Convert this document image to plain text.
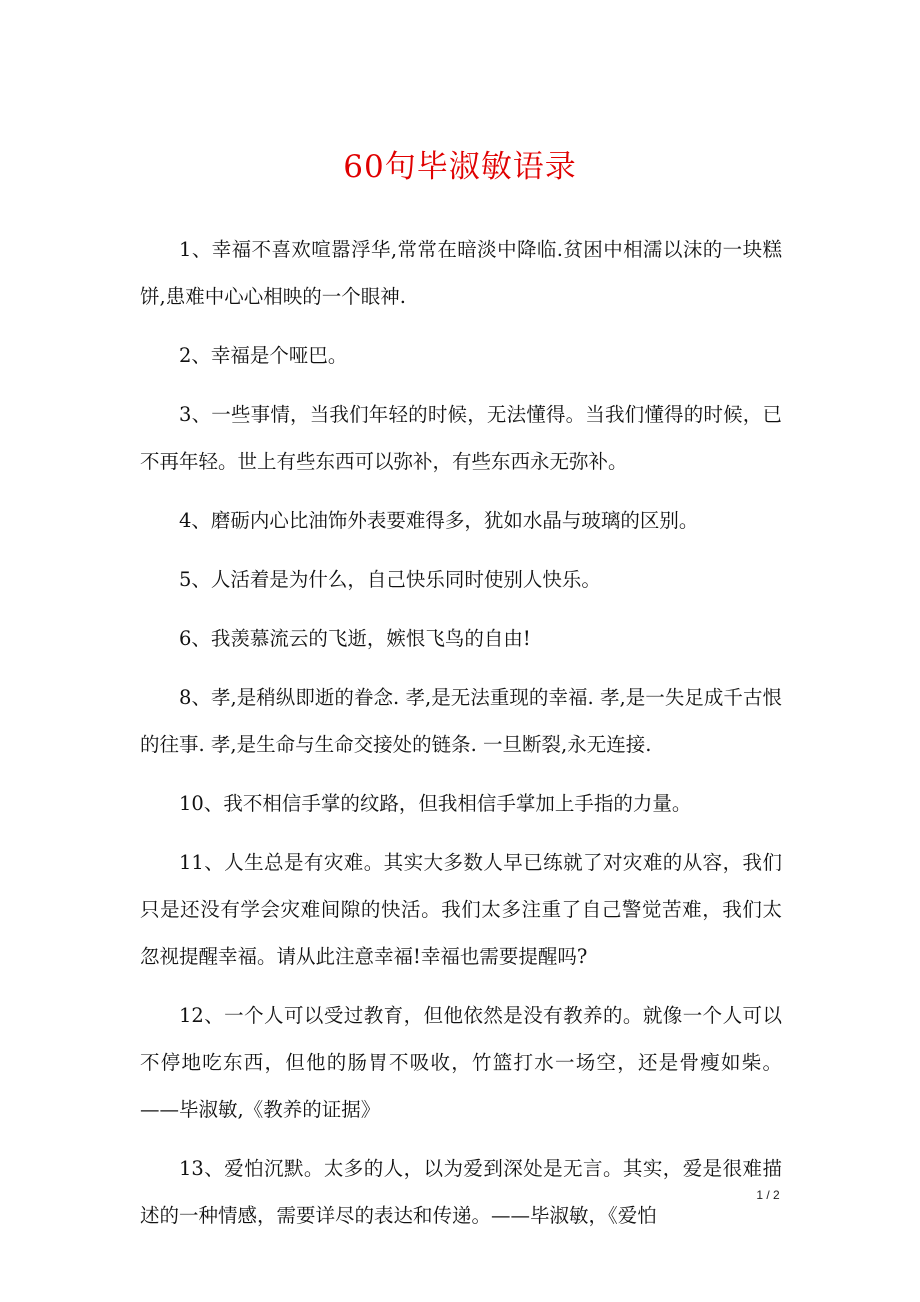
60句毕淑敏语录

1、幸福不喜欢喧嚣浮华,常常在暗淡中降临.贫困中相濡以沫的一块糕饼,患难中心心相映的一个眼神.

2、幸福是个哑巴。

3、一些事情，当我们年轻的时候，无法懂得。当我们懂得的时候，已不再年轻。世上有些东西可以弥补，有些东西永无弥补。

4、磨砺内心比油饰外表要难得多，犹如水晶与玻璃的区别。

5、人活着是为什么，自己快乐同时使别人快乐。

6、我羡慕流云的飞逝，嫉恨飞鸟的自由!

8、孝,是稍纵即逝的眷念. 孝,是无法重现的幸福. 孝,是一失足成千古恨的往事. 孝,是生命与生命交接处的链条. 一旦断裂,永无连接.

10、我不相信手掌的纹路，但我相信手掌加上手指的力量。

11、人生总是有灾难。其实大多数人早已练就了对灾难的从容，我们只是还没有学会灾难间隙的快活。我们太多注重了自己警觉苦难，我们太忽视提醒幸福。请从此注意幸福!幸福也需要提醒吗?

12、一个人可以受过教育，但他依然是没有教养的。就像一个人可以不停地吃东西，但他的肠胃不吸收，竹篮打水一场空，还是骨瘦如柴。——毕淑敏,《教养的证据》

13、爱怕沉默。太多的人，以为爱到深处是无言。其实，爱是很难描述的一种情感，需要详尽的表达和传递。——毕淑敏，《爱怕

1 / 2
